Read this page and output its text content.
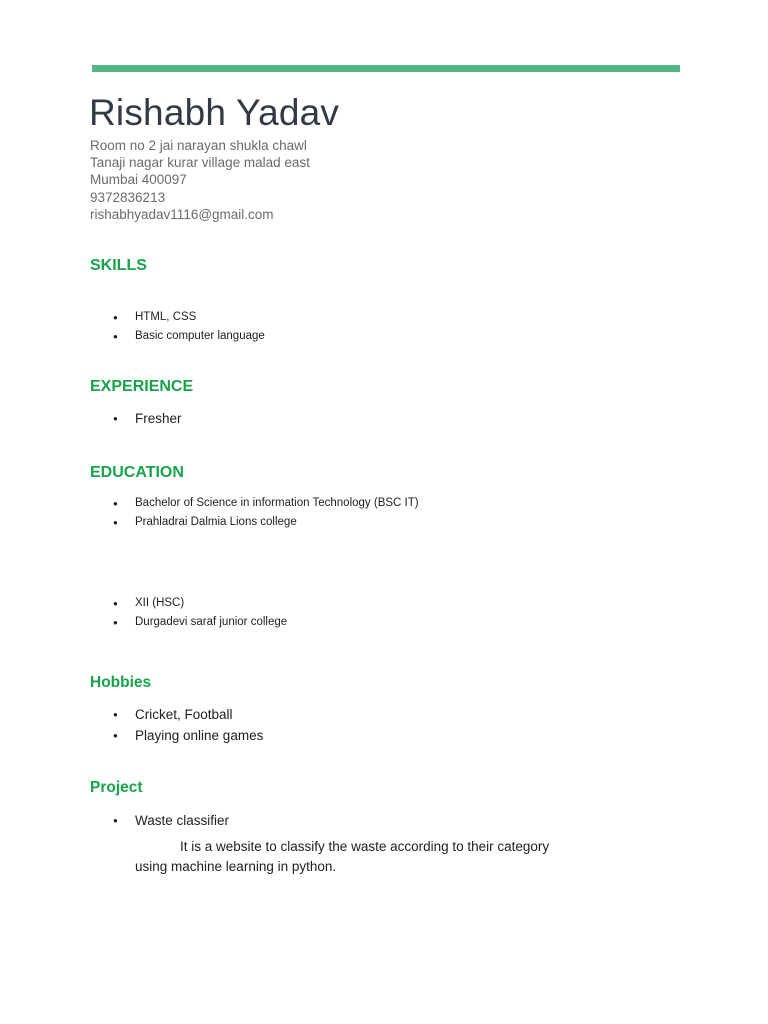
Rishabh Yadav
Room no 2 jai narayan shukla chawl
Tanaji nagar kurar village malad east
Mumbai 400097
9372836213
rishabhyadav1116@gmail.com
SKILLS
● HTML, CSS
● Basic computer language
EXPERIENCE
● Fresher
EDUCATION
● Bachelor of Science in information Technology (BSC IT)
● Prahladrai Dalmia Lions college
● XII (HSC)
● Durgadevi saraf junior college
Hobbies
● Cricket, Football
● Playing online games
Project
● Waste classifier
It is a website to classify the waste according to their category using machine learning in python.
